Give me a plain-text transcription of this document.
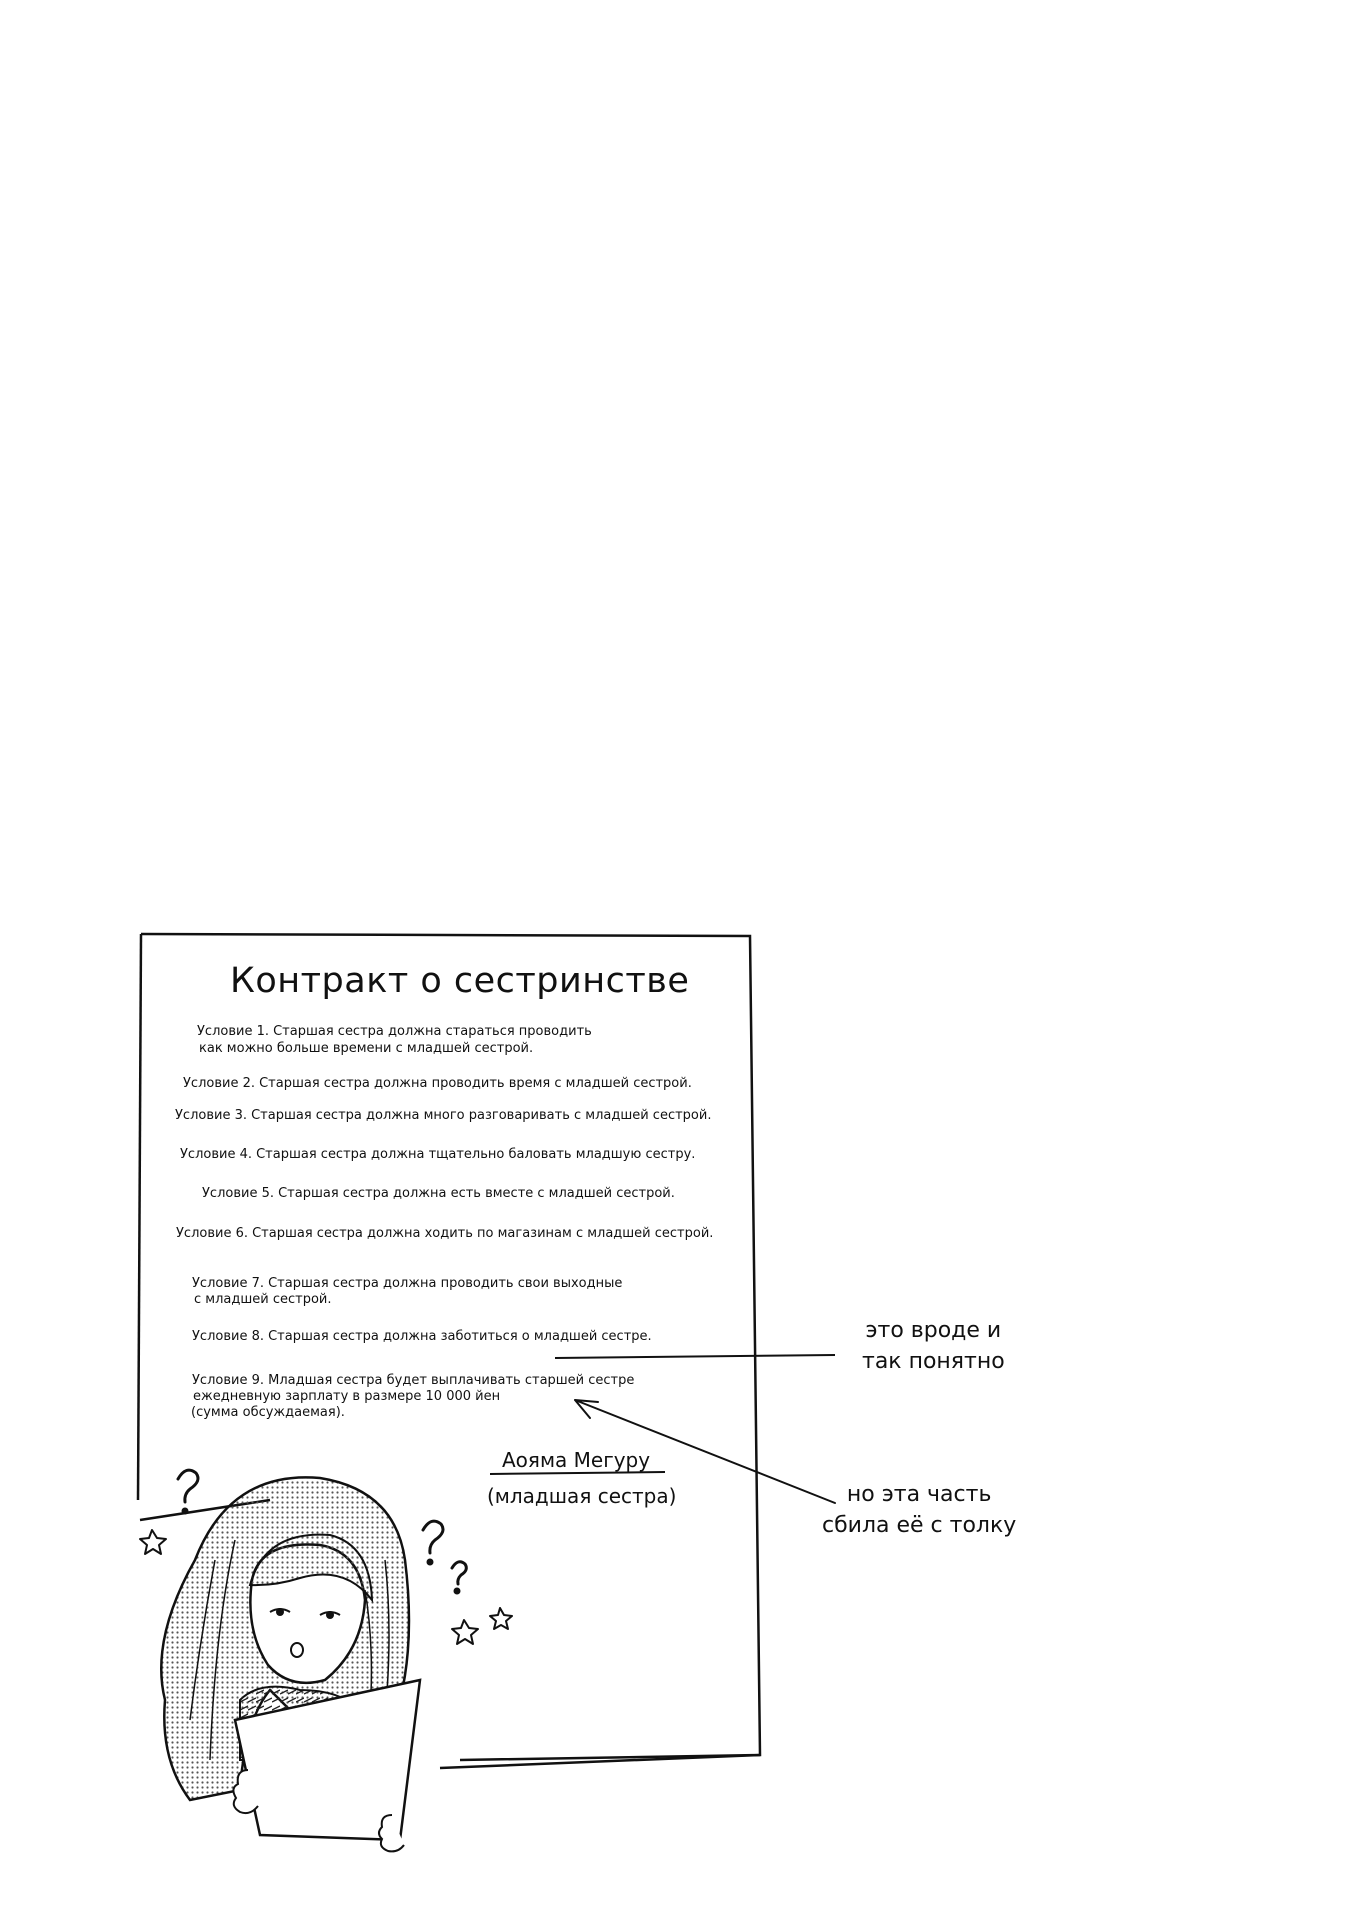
Контракт о сестринстве
Условие 1. Старшая сестра должна стараться проводить
как можно больше времени с младшей сестрой.
Условие 2. Старшая сестра должна проводить время с младшей сестрой.
Условие 3. Старшая сестра должна много разговаривать с младшей сестрой.
Условие 4. Старшая сестра должна тщательно баловать младшую сестру.
Условие 5. Старшая сестра должна есть вместе с младшей сестрой.
Условие 6. Старшая сестра должна ходить по магазинам с младшей сестрой.
Условие 7. Старшая сестра должна проводить свои выходные
с младшей сестрой.
Условие 8. Старшая сестра должна заботиться о младшей сестре.
Условие 9. Младшая сестра будет выплачивать старшей сестре
ежедневную зарплату в размере 10 000 йен
(сумма обсуждаемая).
Аояма Мегуру
(младшая сестра)
это вроде и
так понятно
но эта часть
сбила её с толку
